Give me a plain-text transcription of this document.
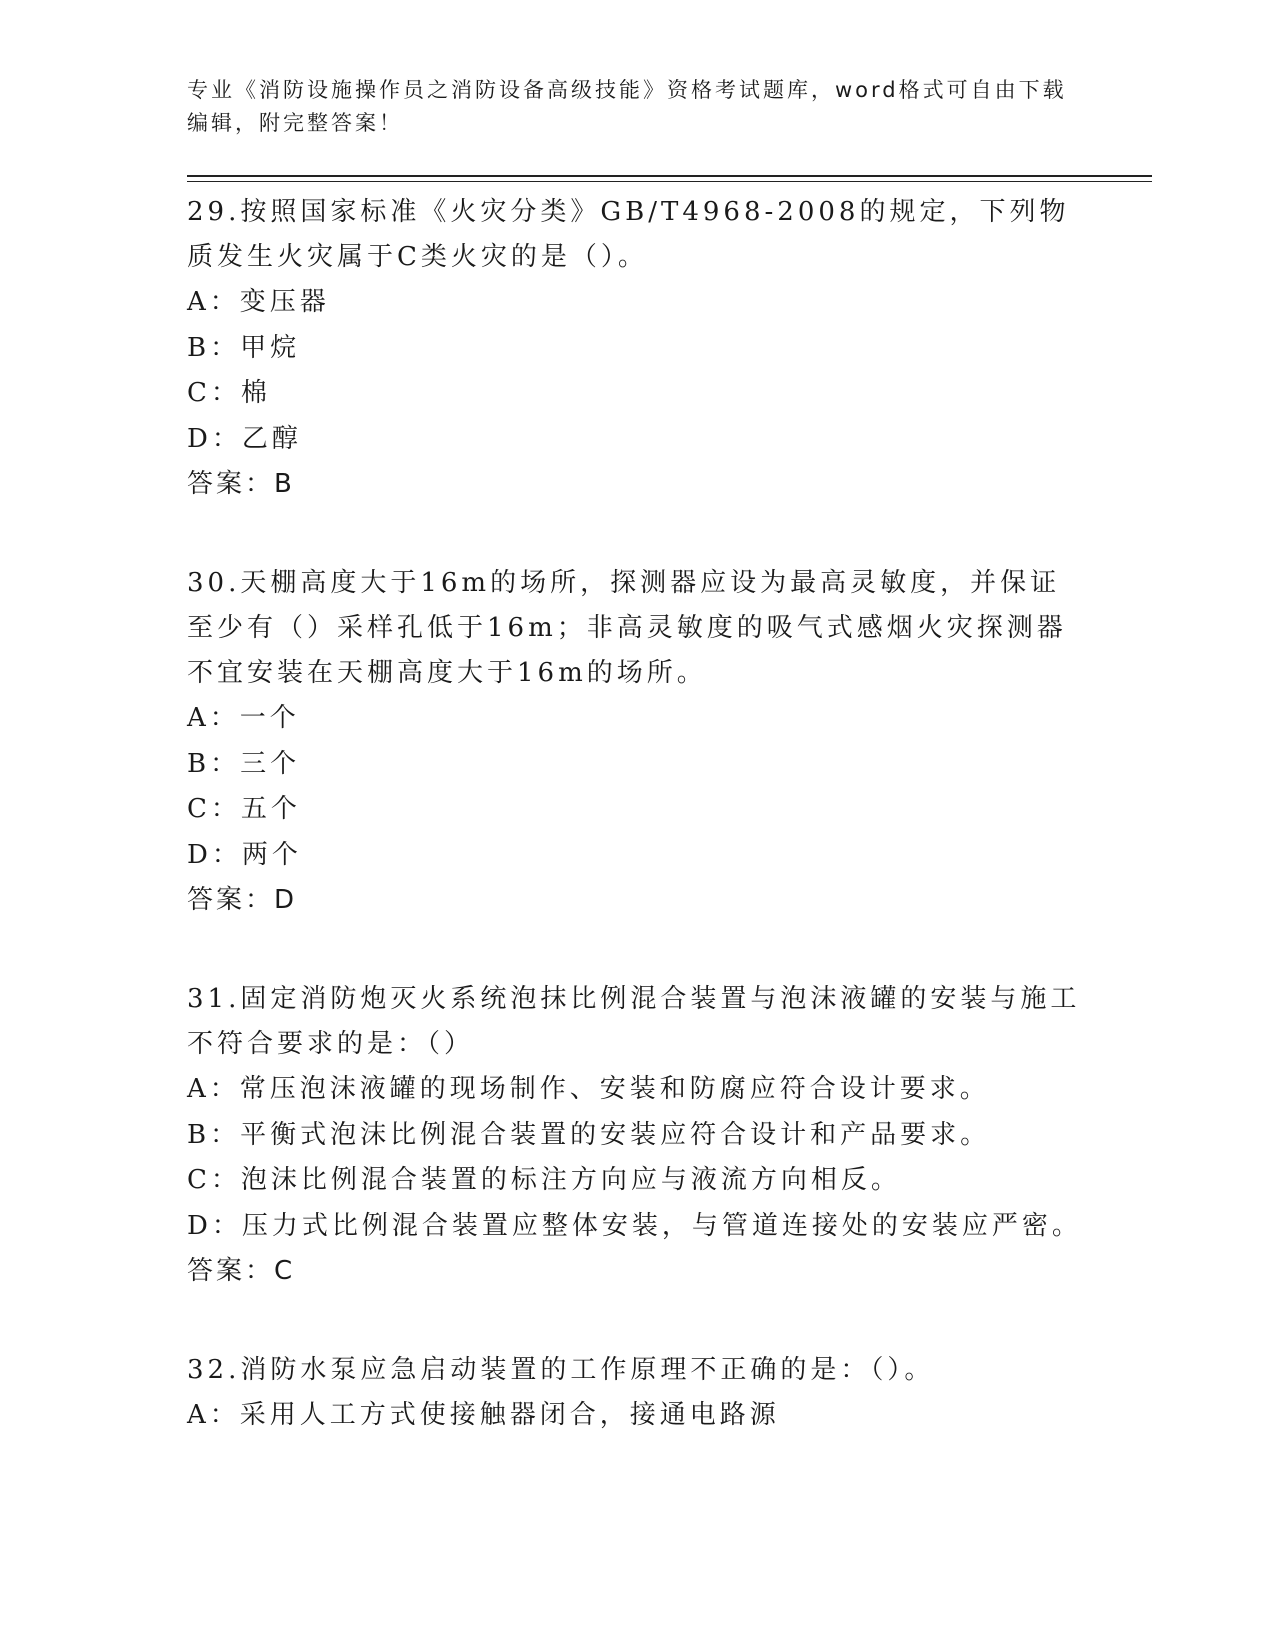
专业《消防设施操作员之消防设备高级技能》资格考试题库，word格式可自由下载编辑，附完整答案！
29.按照国家标准《火灾分类》GB/T4968-2008的规定，下列物质发生火灾属于C类火灾的是（）。
A：变压器
B：甲烷
C：棉
D：乙醇
答案：B
30.天棚高度大于16m的场所，探测器应设为最高灵敏度，并保证至少有（）采样孔低于16m；非高灵敏度的吸气式感烟火灾探测器不宜安装在天棚高度大于16m的场所。
A：一个
B：三个
C：五个
D：两个
答案：D
31.固定消防炮灭火系统泡抹比例混合装置与泡沫液罐的安装与施工不符合要求的是：（）
A：常压泡沫液罐的现场制作、安装和防腐应符合设计要求。
B：平衡式泡沫比例混合装置的安装应符合设计和产品要求。
C：泡沫比例混合装置的标注方向应与液流方向相反。
D：压力式比例混合装置应整体安装，与管道连接处的安装应严密。
答案：C
32.消防水泵应急启动装置的工作原理不正确的是：（）。
A：采用人工方式使接触器闭合，接通电路源
